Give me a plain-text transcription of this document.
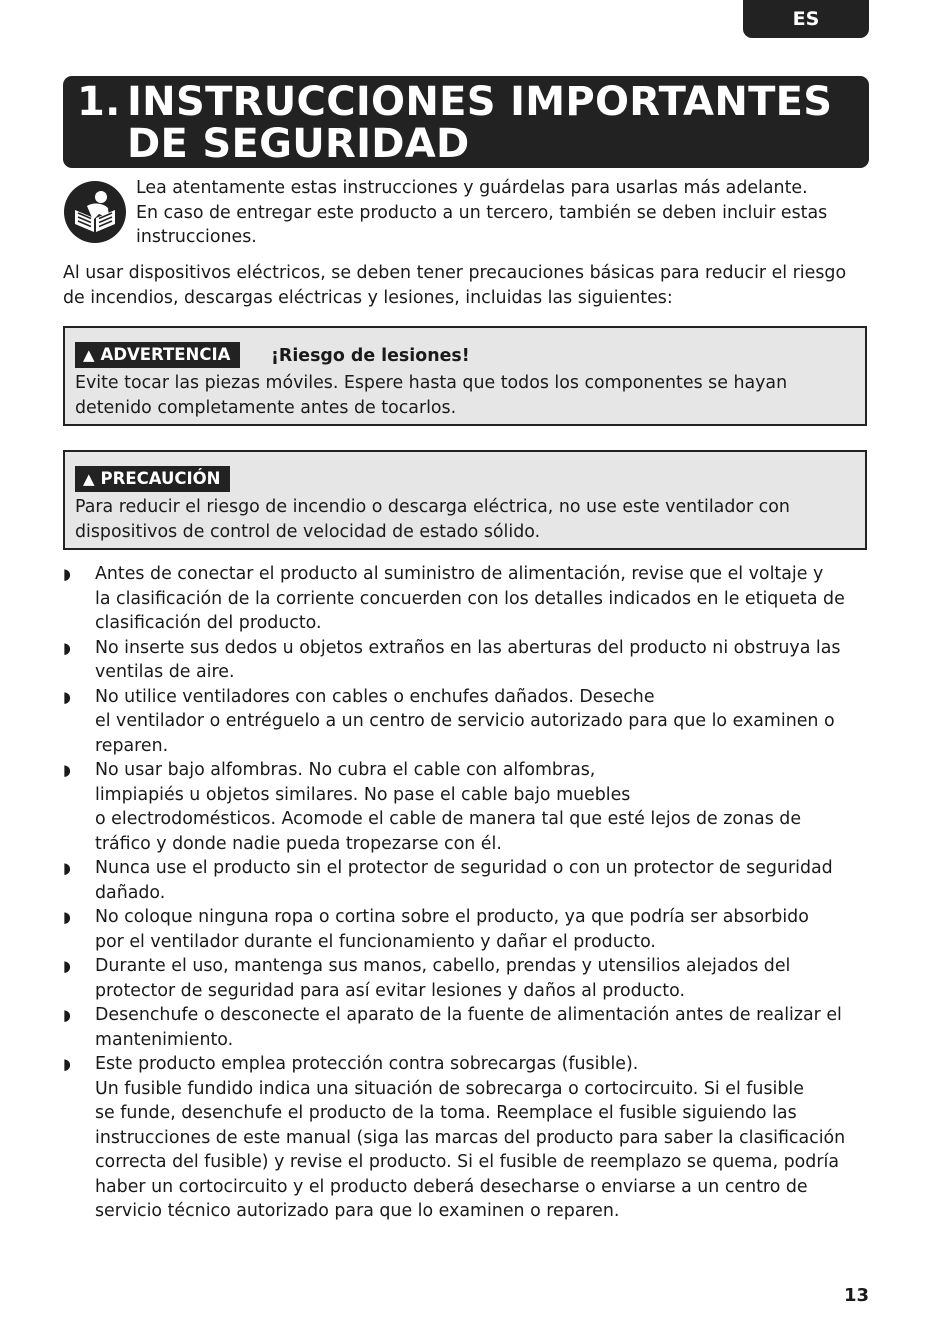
ES
1. INSTRUCCIONES IMPORTANTES
DE SEGURIDAD

Lea atentamente estas instrucciones y guárdelas para usarlas más adelante.

En caso de entregar este producto a un tercero, también se deben incluir estas

instrucciones.

Al usar dispositivos eléctricos, se deben tener precauciones básicas para reducir el riesgo

de incendios, descargas eléctricas y lesiones, incluidas las siguientes:

▲ ADVERTENCIA	¡Riesgo de lesiones!

Evite tocar las piezas móviles. Espere hasta que todos los componentes se hayan

detenido completamente antes de tocarlos.

▲ PRECAUCIÓN

Para reducir el riesgo de incendio o descarga eléctrica, no use este ventilador con

dispositivos de control de velocidad de estado sólido.

◗ Antes de conectar el producto al suministro de alimentación, revise que el voltaje y

la clasificación de la corriente concuerden con los detalles indicados en le etiqueta de

clasificación del producto.

◗ No inserte sus dedos u objetos extraños en las aberturas del producto ni obstruya las

ventilas de aire.

◗ No utilice ventiladores con cables o enchufes dañados. Deseche

el ventilador o entréguelo a un centro de servicio autorizado para que lo examinen o

reparen.

◗ No usar bajo alfombras. No cubra el cable con alfombras,

limpiapiés u objetos similares. No pase el cable bajo muebles

o electrodomésticos. Acomode el cable de manera tal que esté lejos de zonas de

tráfico y donde nadie pueda tropezarse con él.

◗ Nunca use el producto sin el protector de seguridad o con un protector de seguridad

dañado.

◗ No coloque ninguna ropa o cortina sobre el producto, ya que podría ser absorbido

por el ventilador durante el funcionamiento y dañar el producto.

◗ Durante el uso, mantenga sus manos, cabello, prendas y utensilios alejados del

protector de seguridad para así evitar lesiones y daños al producto.

◗ Desenchufe o desconecte el aparato de la fuente de alimentación antes de realizar el

mantenimiento.

◗ Este producto emplea protección contra sobrecargas (fusible).

Un fusible fundido indica una situación de sobrecarga o cortocircuito. Si el fusible

se funde, desenchufe el producto de la toma. Reemplace el fusible siguiendo las

instrucciones de este manual (siga las marcas del producto para saber la clasificación

correcta del fusible) y revise el producto. Si el fusible de reemplazo se quema, podría

haber un cortocircuito y el producto deberá desecharse o enviarse a un centro de

servicio técnico autorizado para que lo examinen o reparen.

13
